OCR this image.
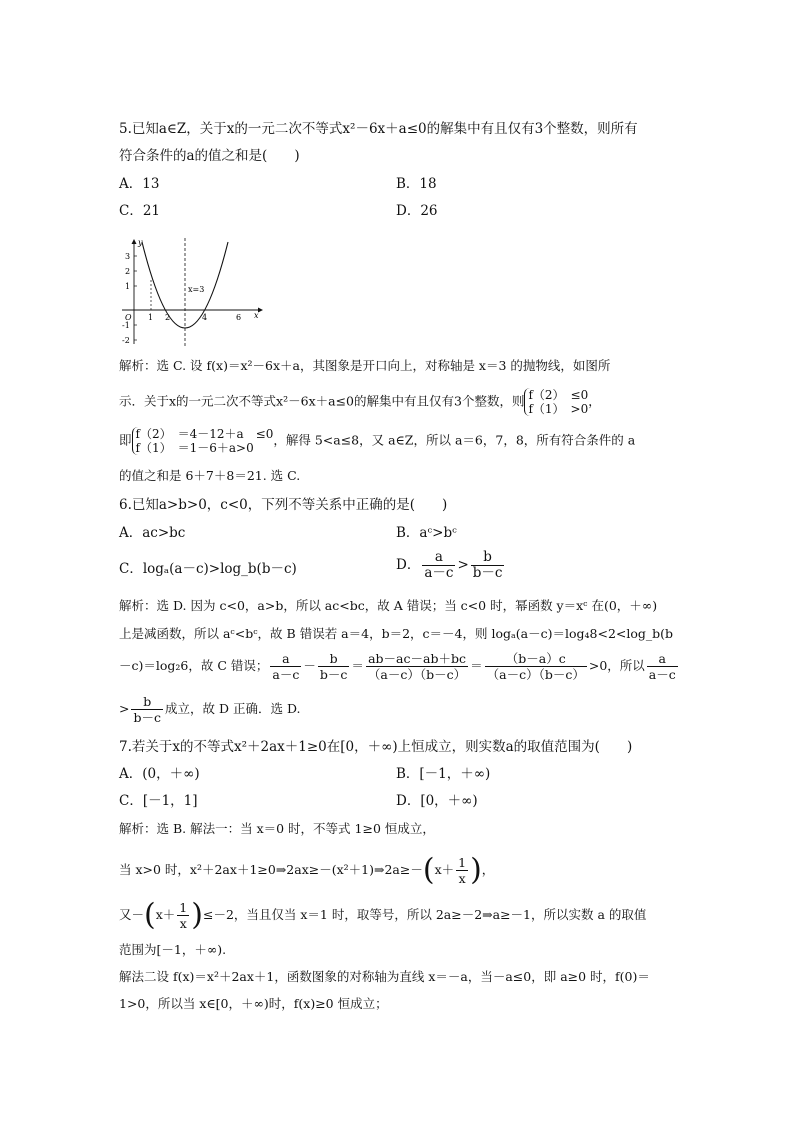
5.已知a∈Z，关于x的一元二次不等式x²－6x＋a≤0的解集中有且仅有3个整数，则所有
符合条件的a的值之和是(　　)
A．13	B．18
C．21	D．26
y
x
3
2
1
-1
-2
O 1 2	4	6
x=3
解析：选 C. 设 f(x)＝x²－6x＋a，其图象是开口向上，对称轴是 x＝3 的抛物线，如图所
示．关于x的一元二次不等式x²－6x＋a≤0的解集中有且仅有3个整数，则 f（2）　≤0
f（1）　>0
，
即 f（2）　＝4－12＋a　≤0
f（1）　＝1－6＋a>0
，解得 5<a≤8，又 a∈Z，所以 a＝6，7，8，所有符合条件的 a
的值之和是 6＋7＋8＝21. 选 C.
6.已知a>b>0，c<0，下列不等关系中正确的是(　　)
A．ac>bc	B．aᶜ>bᶜ
C．logₐ(a－c)>log_b(b－c)	D． $\frac{a}{a-c} > \frac{b}{b-c}$
解析：选 D. 因为 c<0，a>b，所以 ac<bc，故 A 错误；当 c<0 时，幂函数 y＝xᶜ 在(0，＋∞)
上是减函数，所以 aᶜ<bᶜ，故 B 错误若 a＝4，b＝2，c＝－4，则 logₐ(a－c)＝log₄8<2<log_b(b
－c)＝log₂6，故 C 错误； $\frac{a}{a-c} - \frac{b}{b-c} = \frac{ab-ac-ab+bc}{(a-c)(b-c)} = \frac{(b-a)c}{(a-c)(b-c)} >0$，所以 $\frac{a}{a-c}$
> $\frac{b}{b-c}$ 成立，故 D 正确．选 D.
7.若关于x的不等式x²＋2ax＋1≥0在[0，＋∞)上恒成立，则实数a的取值范围为(　　)
A．(0，＋∞)	B．[－1，＋∞)
C．[－1，1]	D．[0，＋∞)
解析：选 B. 解法一：当 x＝0 时，不等式 1≥0 恒成立，
当 x>0 时，x²＋2ax＋1≥0⇒2ax≥－(x²＋1)⇒2a≥－(x＋ $\frac{1}{x}$ )，
又$-(x+ \frac{1}{x} )\le-2$，当且仅当 x＝1 时，取等号，所以 2a≥－2⇒a≥－1，所以实数 a 的取值
范围为[－1，＋∞).
解法二设 f(x)＝x²＋2ax＋1，函数图象的对称轴为直线 x＝－a，当－a≤0，即 a≥0 时，f(0)＝
1>0，所以当 x∈[0，＋∞)时，f(x)≥0 恒成立；
